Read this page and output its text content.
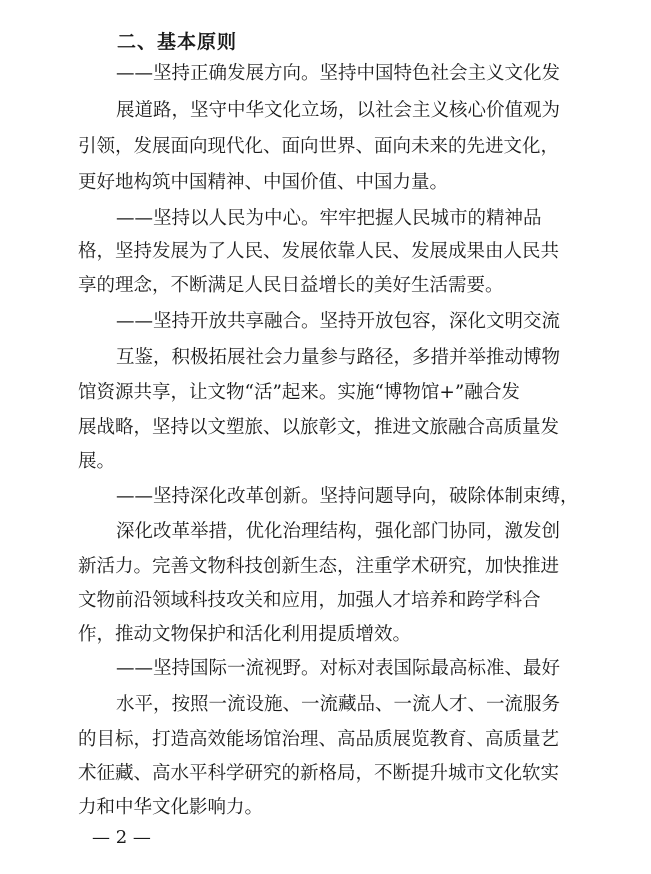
二、基本原则

——坚持正确发展方向。坚持中国特色社会主义文化发

展道路，坚守中华文化立场，以社会主义核心价值观为

引领，发展面向现代化、面向世界、面向未来的先进文化，

更好地构筑中国精神、中国价值、中国力量。

——坚持以人民为中心。牢牢把握人民城市的精神品

格，坚持发展为了人民、发展依靠人民、发展成果由人民共

享的理念，不断满足人民日益增长的美好生活需要。

——坚持开放共享融合。坚持开放包容，深化文明交流

互鉴，积极拓展社会力量参与路径，多措并举推动博物

馆资源共享，让文物“活”起来。实施“博物馆+”融合发

展战略，坚持以文塑旅、以旅彰文，推进文旅融合高质量发

展。

——坚持深化改革创新。坚持问题导向，破除体制束缚，

深化改革举措，优化治理结构，强化部门协同，激发创

新活力。完善文物科技创新生态，注重学术研究，加快推进

文物前沿领域科技攻关和应用，加强人才培养和跨学科合

作，推动文物保护和活化利用提质增效。

——坚持国际一流视野。对标对表国际最高标准、最好

水平，按照一流设施、一流藏品、一流人才、一流服务

的目标，打造高效能场馆治理、高品质展览教育、高质量艺

术征藏、高水平科学研究的新格局，不断提升城市文化软实

力和中华文化影响力。

— 2 —
